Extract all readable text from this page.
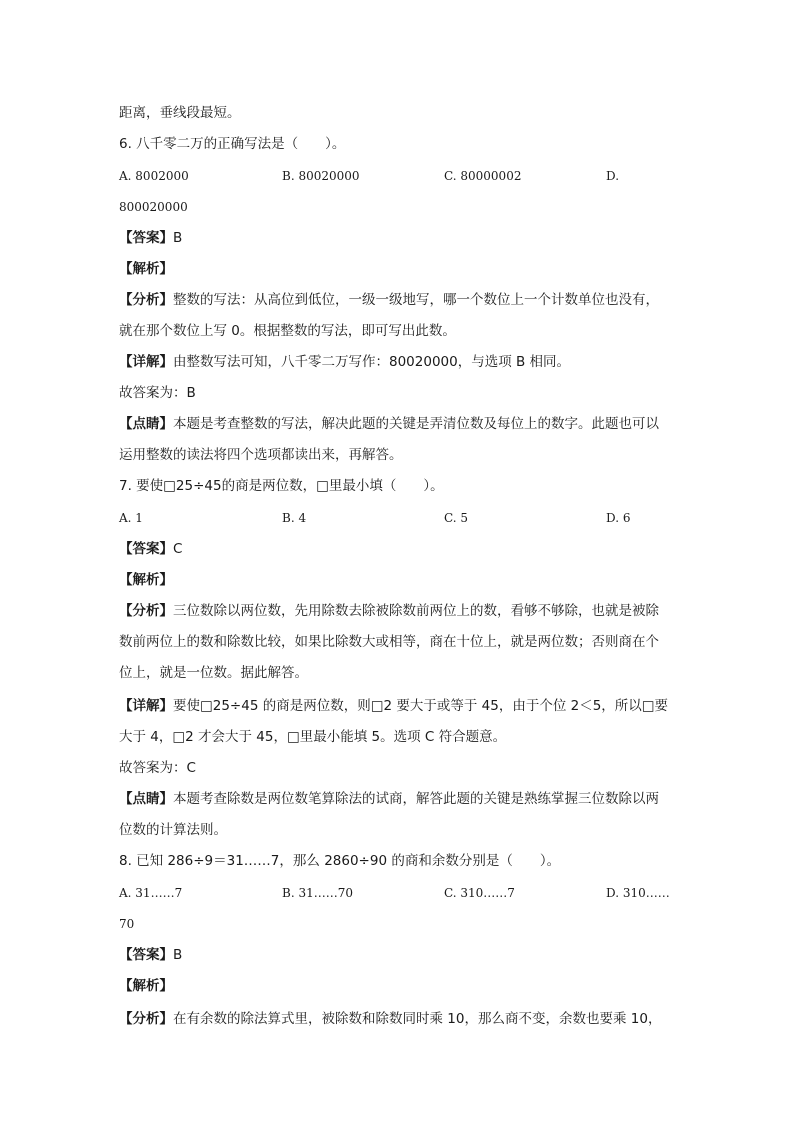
距离，垂线段最短。
6. 八千零二万的正确写法是（　　）。
A. 8002000	B. 80020000	C. 80000002	D.
800020000
【答案】B
【解析】
【分析】整数的写法：从高位到低位，一级一级地写，哪一个数位上一个计数单位也没有，
就在那个数位上写 0。根据整数的写法，即可写出此数。
【详解】由整数写法可知，八千零二万写作：80020000，与选项 B 相同。
故答案为：B
【点睛】本题是考查整数的写法，解决此题的关键是弄清位数及每位上的数字。此题也可以
运用整数的读法将四个选项都读出来，再解答。
7. 要使□25÷45的商是两位数，□里最小填（　　）。
A. 1	B. 4	C. 5	D. 6
【答案】C
【解析】
【分析】三位数除以两位数，先用除数去除被除数前两位上的数，看够不够除，也就是被除
数前两位上的数和除数比较，如果比除数大或相等，商在十位上，就是两位数；否则商在个
位上，就是一位数。据此解答。
【详解】要使□25÷45 的商是两位数，则□2 要大于或等于 45，由于个位 2＜5，所以□要
大于 4，□2 才会大于 45，□里最小能填 5。选项 C 符合题意。
故答案为：C
【点睛】本题考查除数是两位数笔算除法的试商，解答此题的关键是熟练掌握三位数除以两
位数的计算法则。
8. 已知 286÷9＝31……7，那么 2860÷90 的商和余数分别是（　　）。
A. 31……7	B. 31……70	C. 310……7	D. 310……
70
【答案】B
【解析】
【分析】在有余数的除法算式里，被除数和除数同时乘 10，那么商不变，余数也要乘 10，
